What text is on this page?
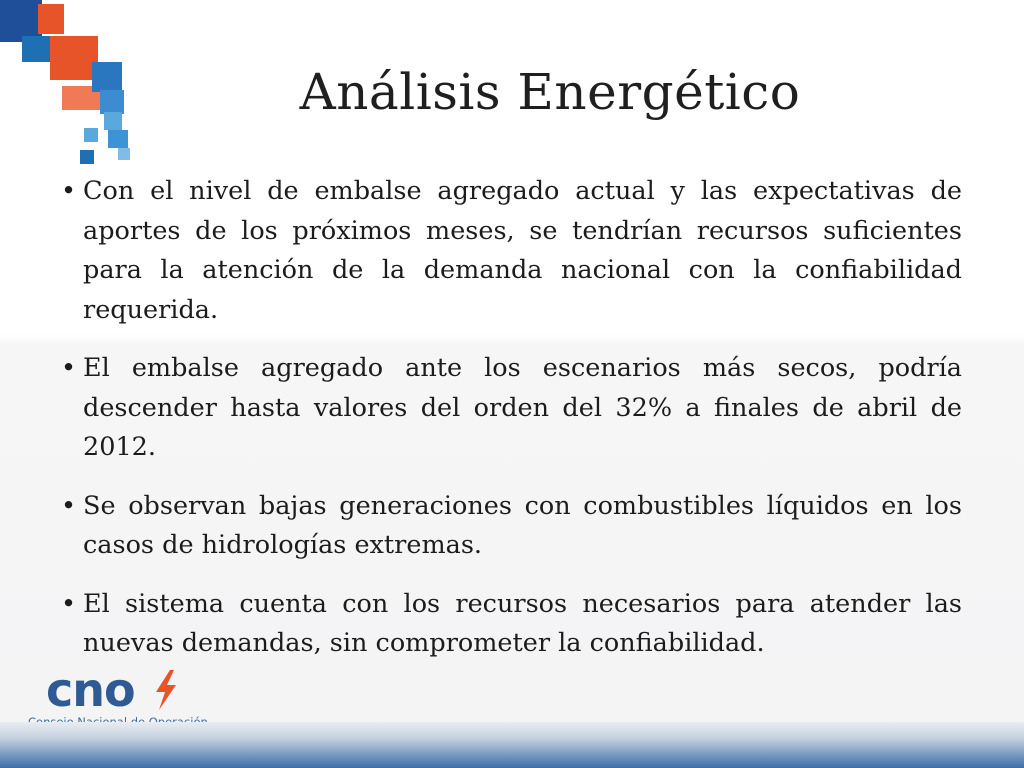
Análisis Energético
• Con el nivel de embalse agregado actual y las expectativas de aportes de los próximos meses, se tendrían recursos suficientes para la atención de la demanda nacional con la confiabilidad requerida.
• El embalse agregado ante los escenarios más secos, podría descender hasta valores del orden del 32% a finales de abril de 2012.
• Se observan bajas generaciones con combustibles líquidos en los casos de hidrologías extremas.
• El sistema cuenta con los recursos necesarios para atender las nuevas demandas, sin comprometer la confiabilidad.
cno
